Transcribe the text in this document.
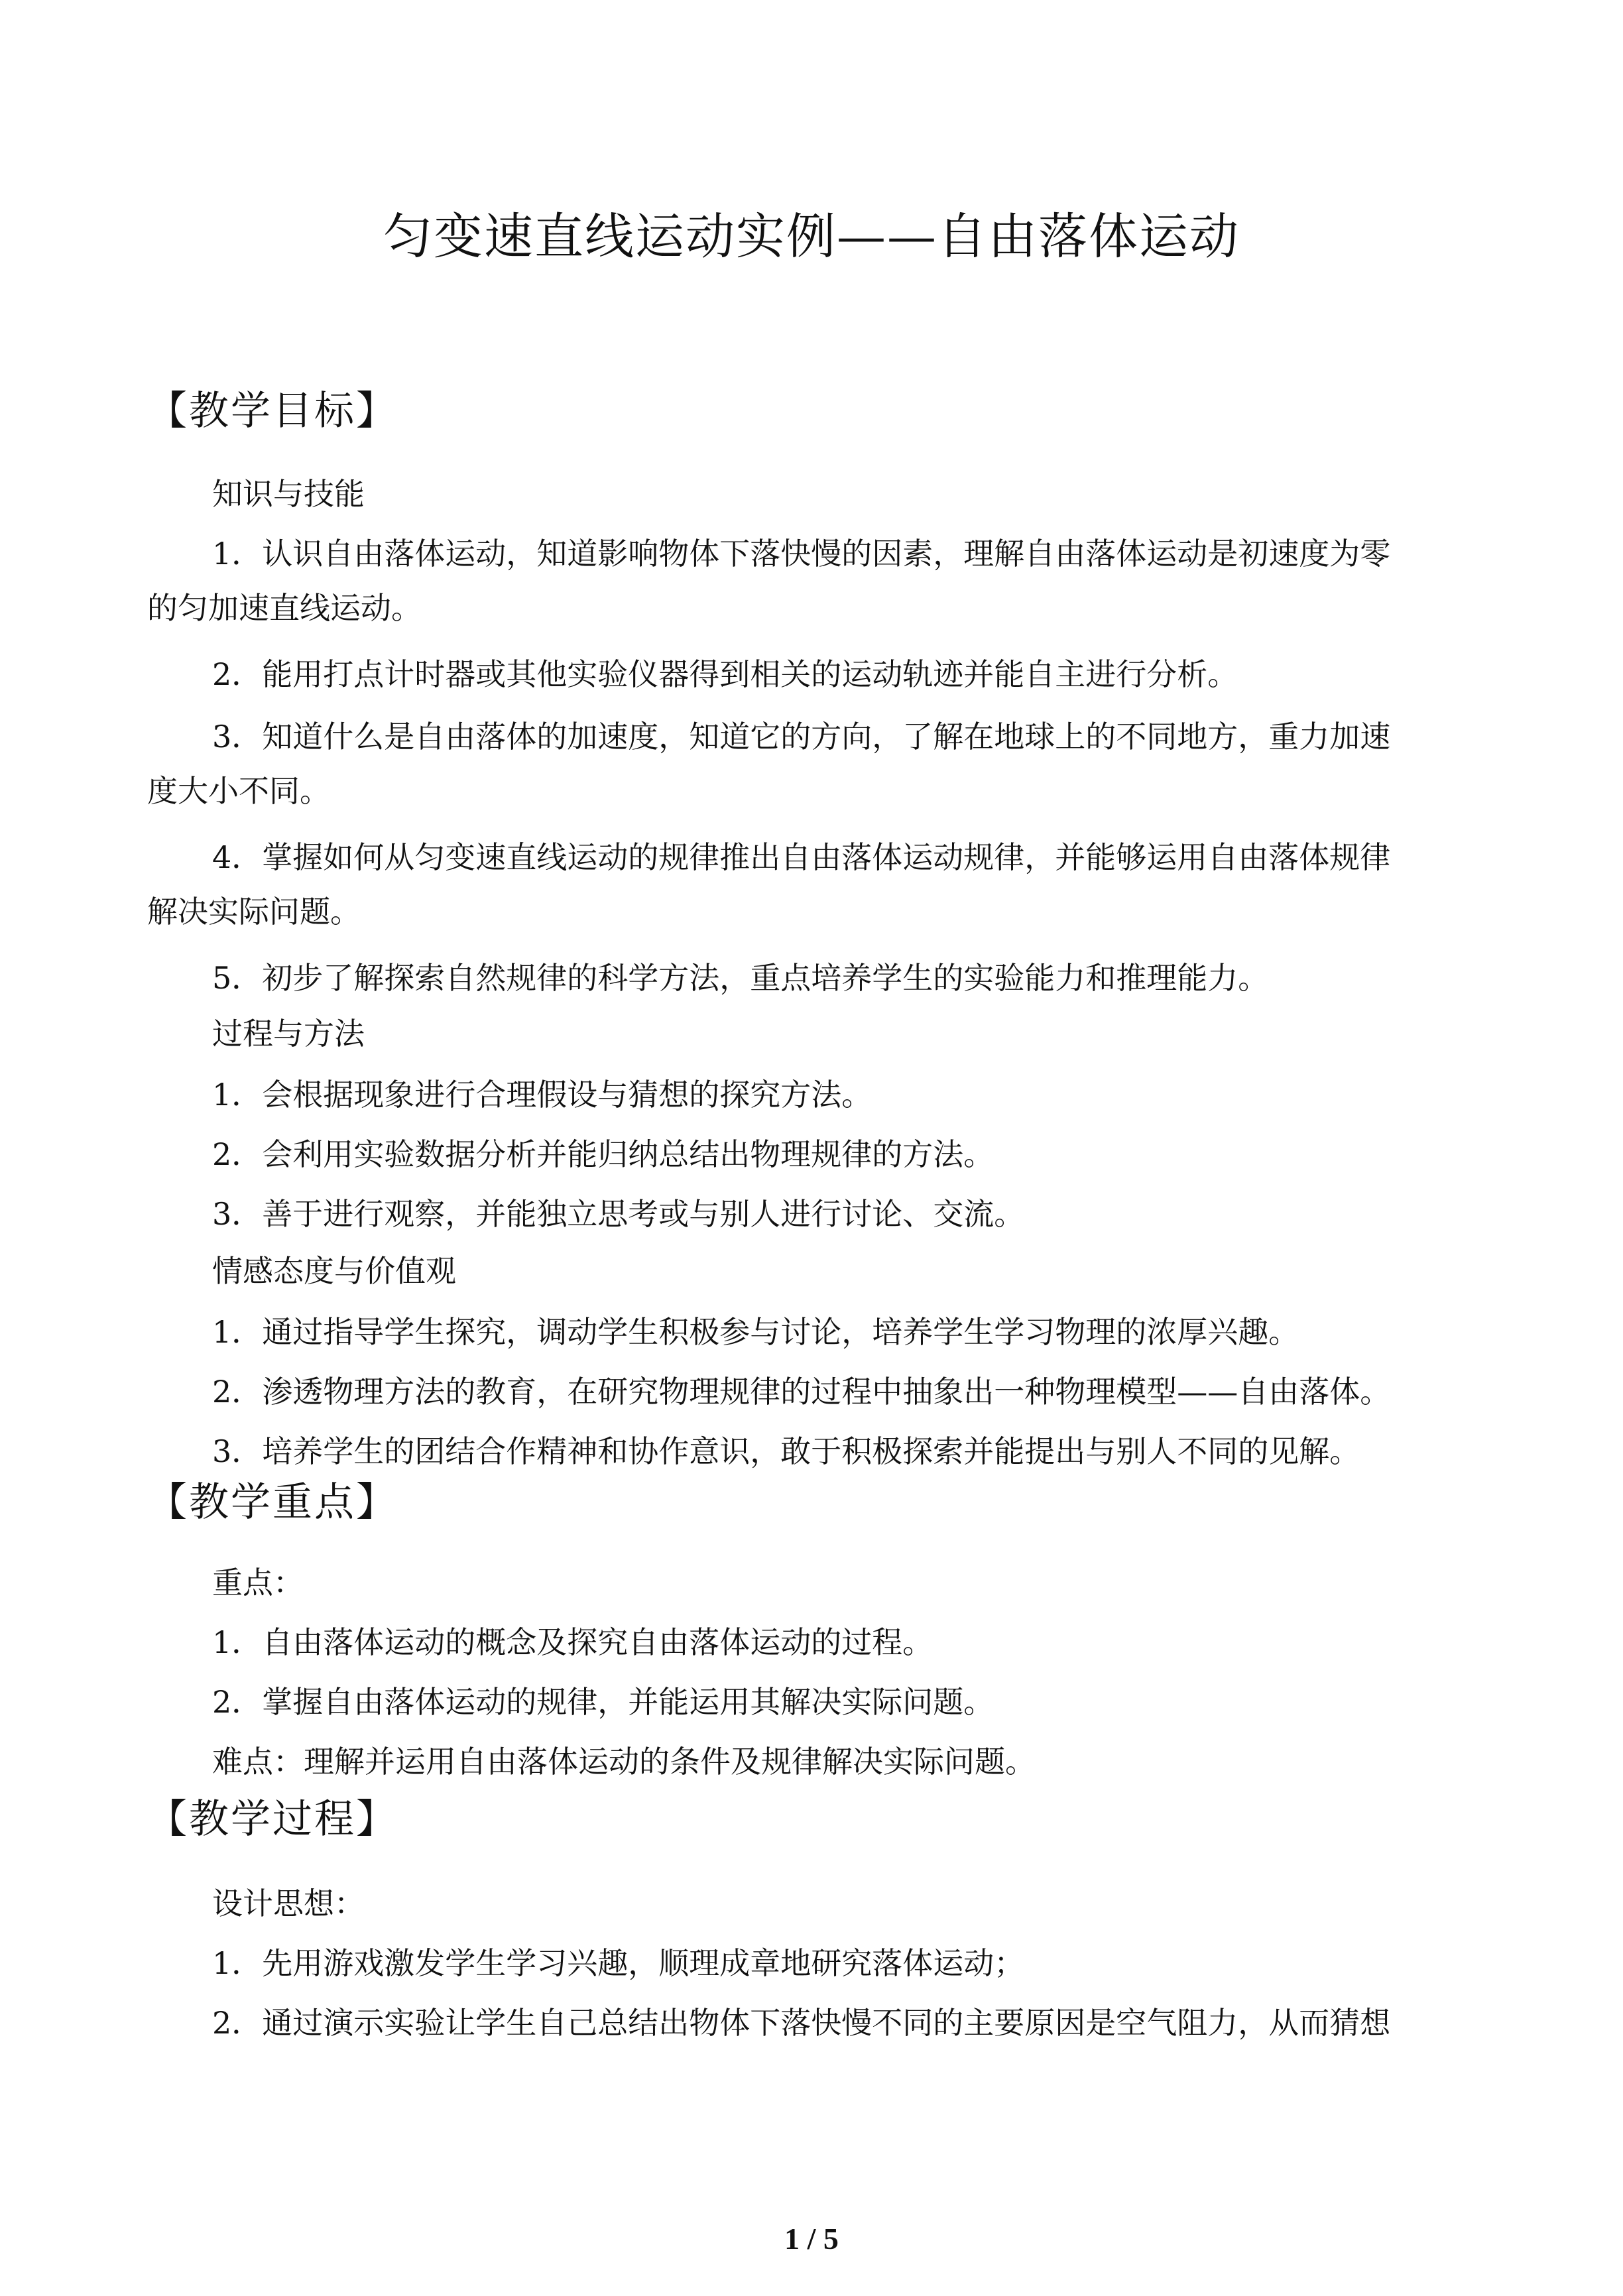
匀变速直线运动实例——自由落体运动
【教学目标】
知识与技能
1．认识自由落体运动，知道影响物体下落快慢的因素，理解自由落体运动是初速度为零
的匀加速直线运动。
2．能用打点计时器或其他实验仪器得到相关的运动轨迹并能自主进行分析。
3．知道什么是自由落体的加速度，知道它的方向，了解在地球上的不同地方，重力加速
度大小不同。
4．掌握如何从匀变速直线运动的规律推出自由落体运动规律，并能够运用自由落体规律
解决实际问题。
5．初步了解探索自然规律的科学方法，重点培养学生的实验能力和推理能力。
过程与方法
1．会根据现象进行合理假设与猜想的探究方法。
2．会利用实验数据分析并能归纳总结出物理规律的方法。
3．善于进行观察，并能独立思考或与别人进行讨论、交流。
情感态度与价值观
1．通过指导学生探究，调动学生积极参与讨论，培养学生学习物理的浓厚兴趣。
2．渗透物理方法的教育，在研究物理规律的过程中抽象出一种物理模型——自由落体。
3．培养学生的团结合作精神和协作意识，敢于积极探索并能提出与别人不同的见解。
【教学重点】
重点：
1．自由落体运动的概念及探究自由落体运动的过程。
2．掌握自由落体运动的规律，并能运用其解决实际问题。
难点：理解并运用自由落体运动的条件及规律解决实际问题。
【教学过程】
设计思想：
1．先用游戏激发学生学习兴趣，顺理成章地研究落体运动；
2．通过演示实验让学生自己总结出物体下落快慢不同的主要原因是空气阻力，从而猜想
1 / 5
